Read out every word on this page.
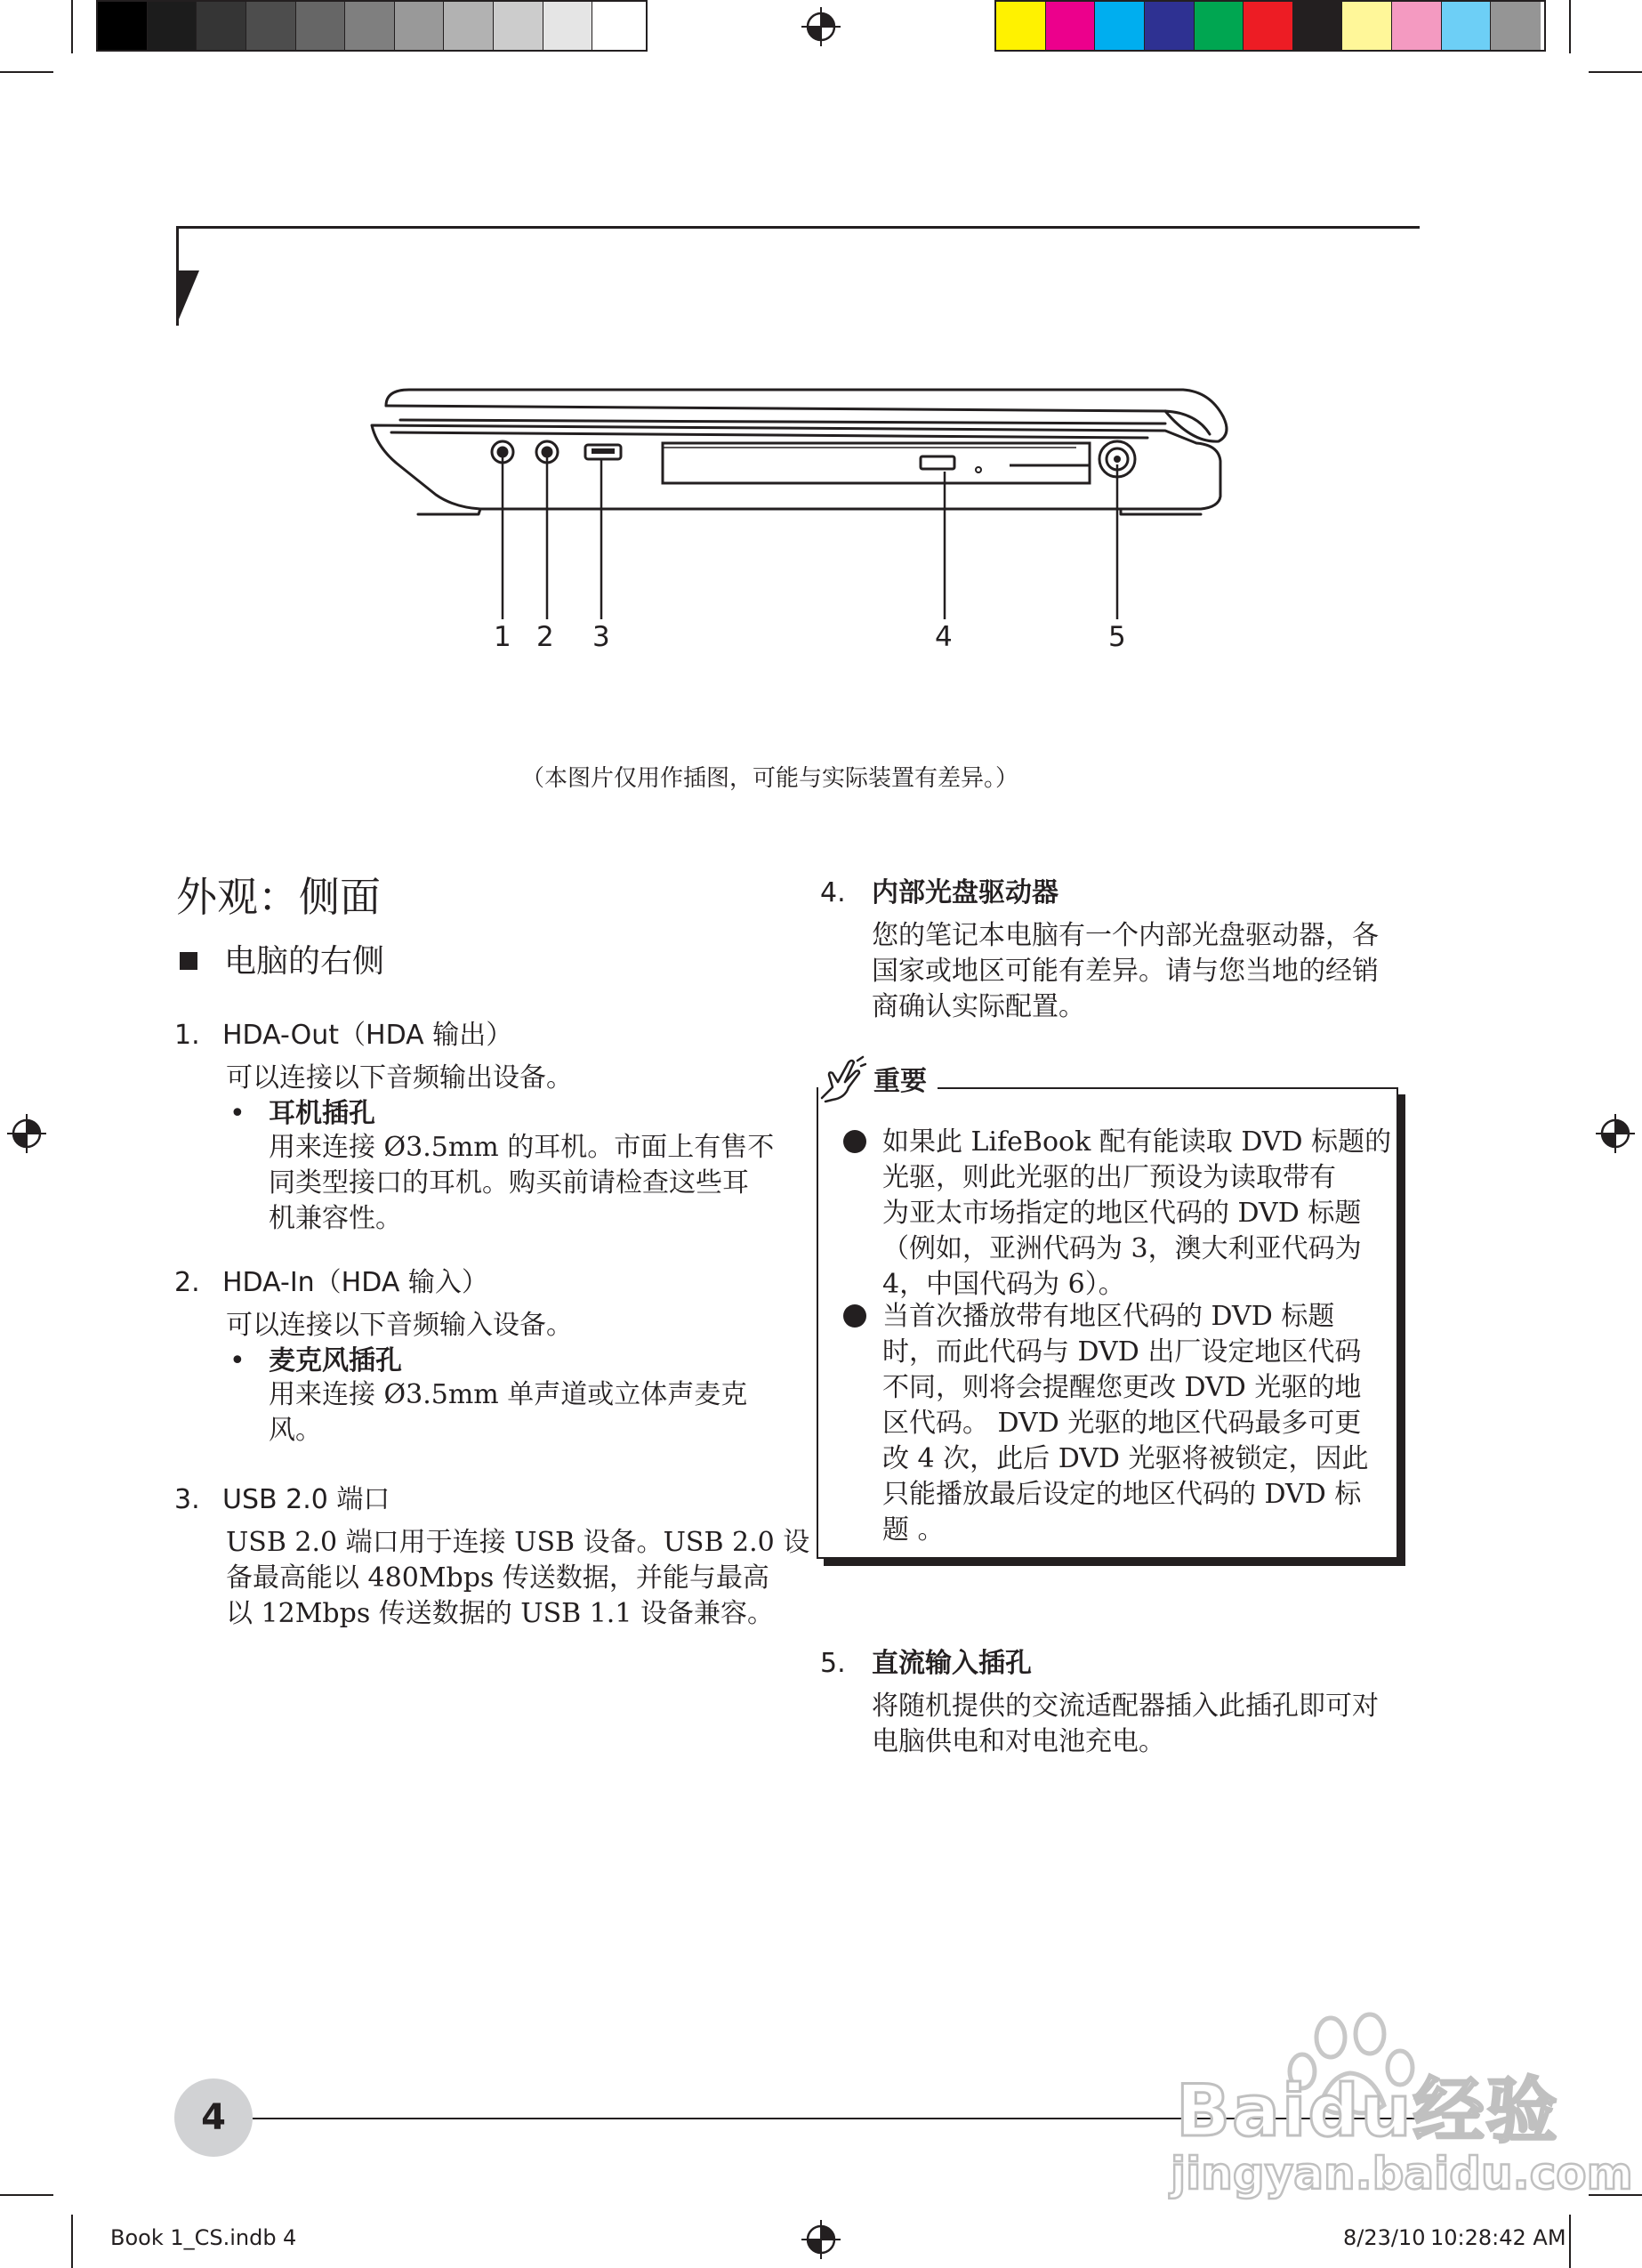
1 2 3	4	5
（本图片仅用作插图，可能与实际装置有差异。）
外观：侧面
电脑的右侧
1. HDA-Out（HDA 输出）
可以连接以下音频输出设备。
• 耳机插孔
用来连接 Ø3.5mm 的耳机。市面上有售不
同类型接口的耳机。购买前请检查这些耳
机兼容性。
2. HDA-In（HDA 输入）
可以连接以下音频输入设备。
• 麦克风插孔
用来连接 Ø3.5mm 单声道或立体声麦克
风。
3. USB 2.0 端口
USB 2.0 端口用于连接 USB 设备。USB 2.0 设
备最高能以 480Mbps 传送数据，并能与最高
以 12Mbps 传送数据的 USB 1.1 设备兼容。
4. 内部光盘驱动器
您的笔记本电脑有一个内部光盘驱动器，各
国家或地区可能有差异。请与您当地的经销
商确认实际配置。
重要
如果此 LifeBook 配有能读取 DVD 标题的
光驱，则此光驱的出厂预设为读取带有
为亚太市场指定的地区代码的 DVD 标题
（例如，亚洲代码为 3，澳大利亚代码为
4，中国代码为 6）。
当首次播放带有地区代码的 DVD 标题
时，而此代码与 DVD 出厂设定地区代码
不同，则将会提醒您更改 DVD 光驱的地
区代码。 DVD 光驱的地区代码最多可更
改 4 次，此后 DVD 光驱将被锁定，因此
只能播放最后设定的地区代码的 DVD 标
题 。
5. 直流输入插孔
将随机提供的交流适配器插入此插孔即可对
电脑供电和对电池充电。
4	Baidu经验
jingyan.baidu.com
Book 1_CS.indb 4	8/23/10 10:28:42 AM
